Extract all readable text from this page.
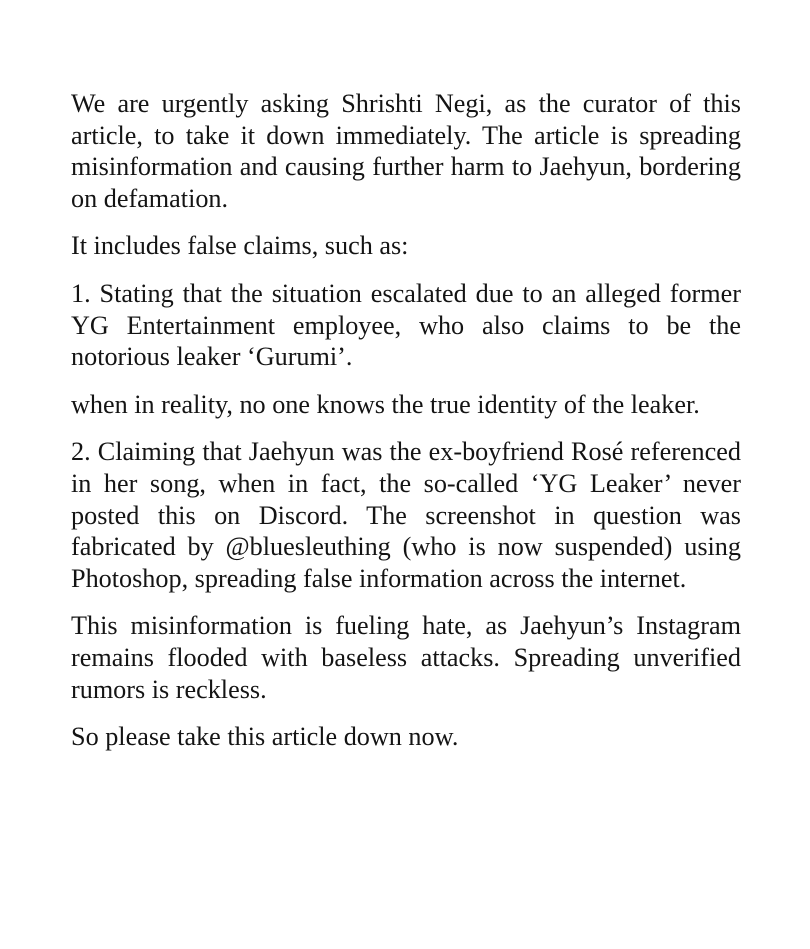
We are urgently asking Shrishti Negi, as the curator of this article, to take it down immediately. The article is spreading misinformation and causing further harm to Jaehyun, bordering on defamation.

It includes false claims, such as:

1. Stating that the situation escalated due to an alleged former YG Entertainment employee, who also claims to be the notorious leaker ‘Gurumi’.

when in reality, no one knows the true identity of the leaker.

2. Claiming that Jaehyun was the ex-boyfriend Rosé referenced in her song, when in fact, the so-called ‘YG Leaker’ never posted this on Discord. The screenshot in question was fabricated by @bluesleuthing (who is now suspended) using Photoshop, spreading false information across the internet.

This misinformation is fueling hate, as Jaehyun’s Instagram remains flooded with baseless attacks. Spreading unverified rumors is reckless.

So please take this article down now.
